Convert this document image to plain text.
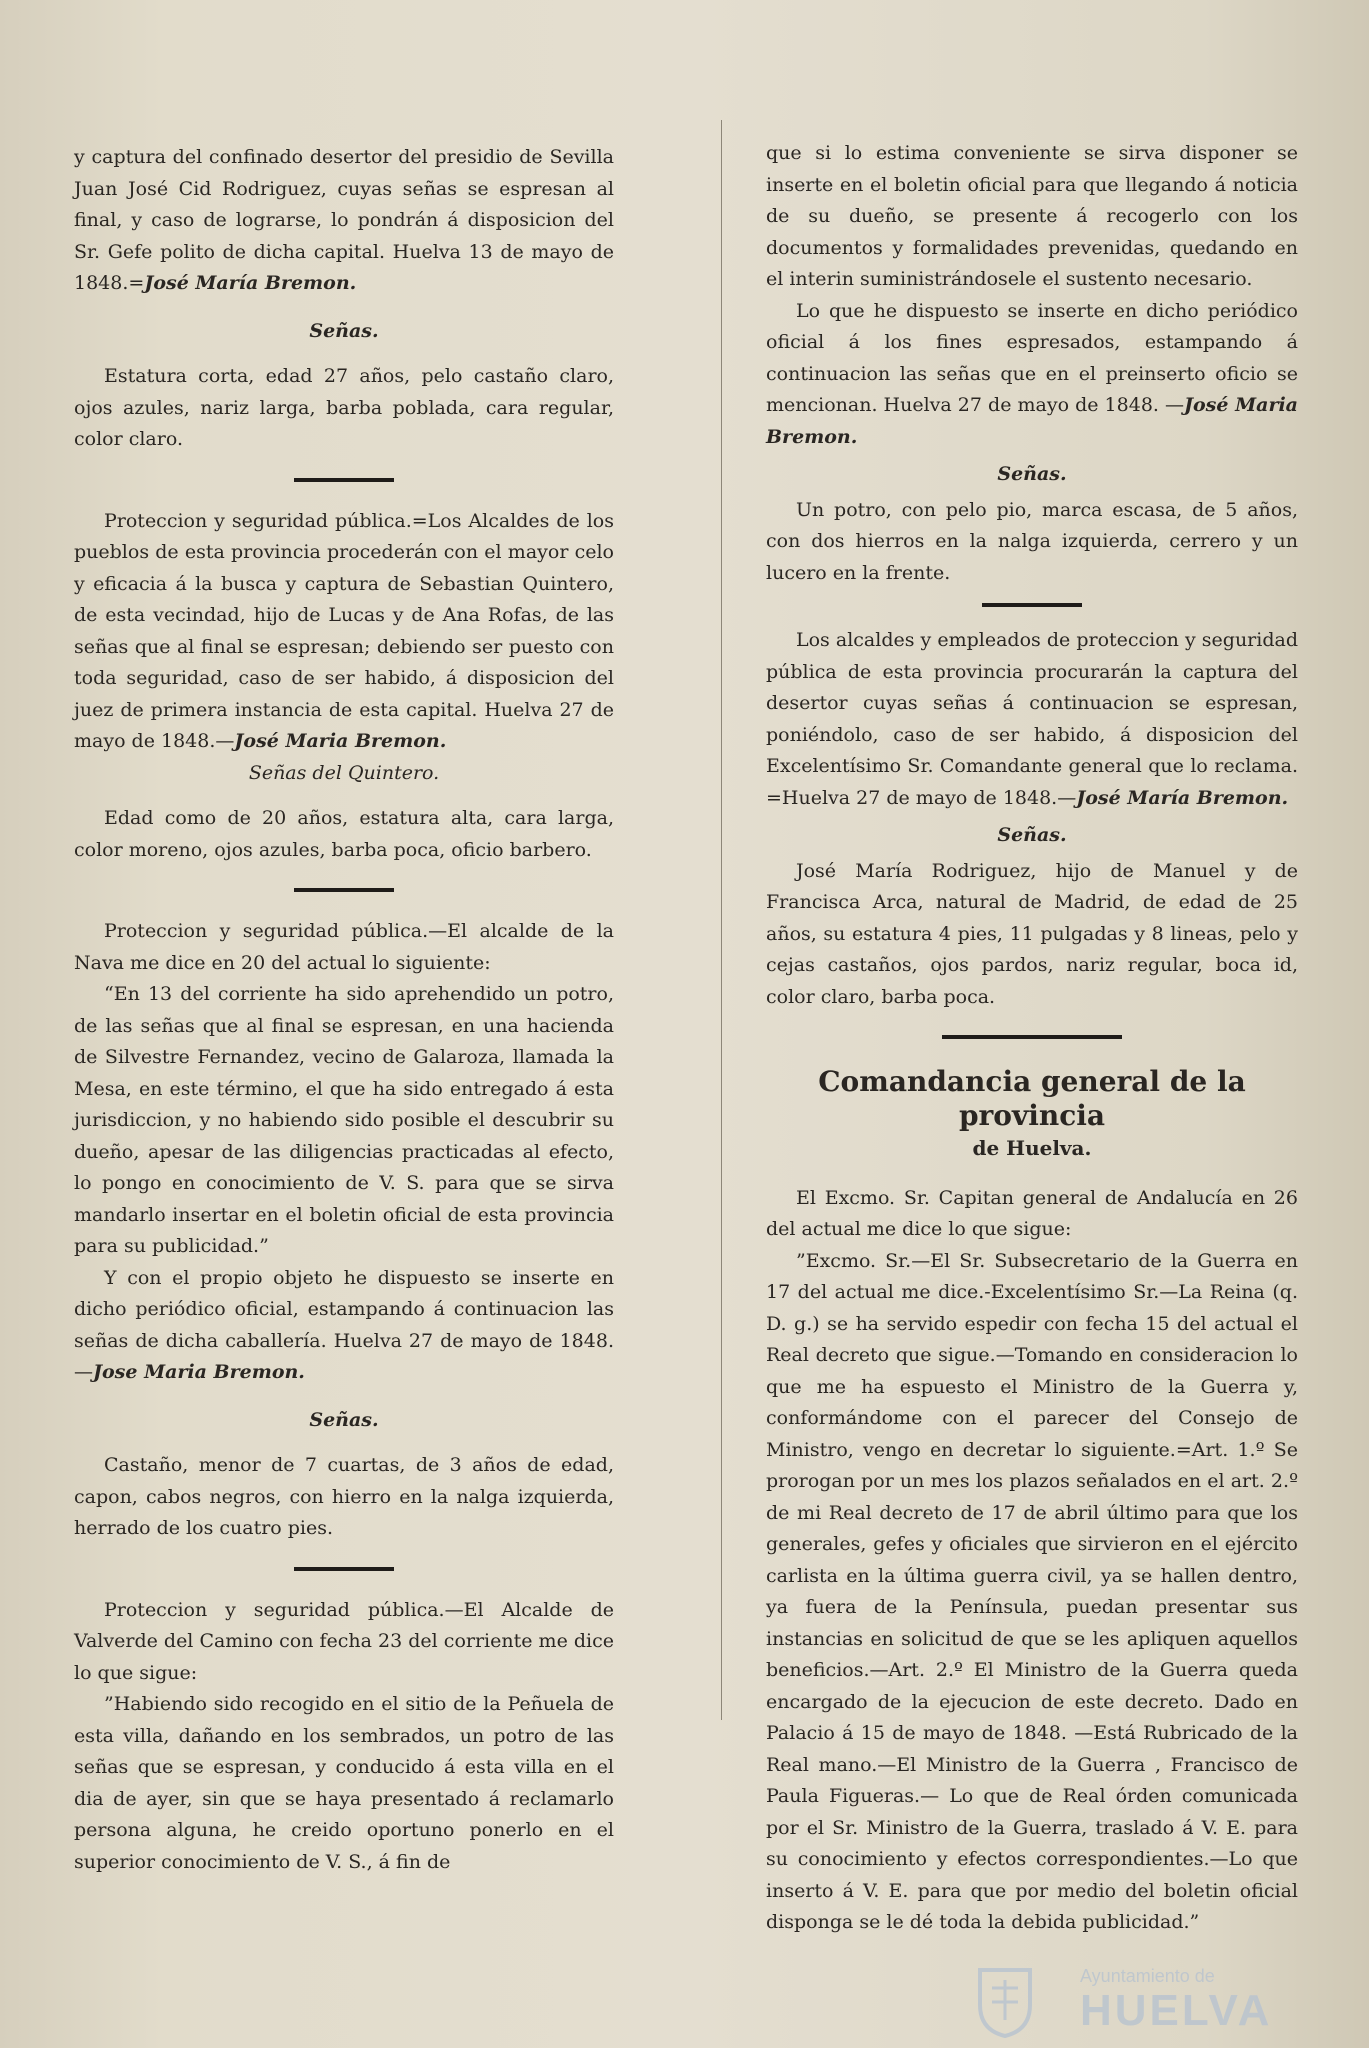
y captura del confinado desertor del presidio de Sevilla Juan José Cid Rodriguez, cuyas señas se espresan al final, y caso de lograrse, lo pondrán á disposicion del Sr. Gefe polito de dicha capital. Huelva 13 de mayo de 1848.=José María Bremon.

Señas.

Estatura corta, edad 27 años, pelo castaño claro, ojos azules, nariz larga, barba poblada, cara regular, color claro.

Proteccion y seguridad pública.=Los Alcaldes de los pueblos de esta provincia procederán con el mayor celo y eficacia á la busca y captura de Sebastian Quintero, de esta vecindad, hijo de Lucas y de Ana Rofas, de las señas que al final se espresan; debiendo ser puesto con toda seguridad, caso de ser habido, á disposicion del juez de primera instancia de esta capital. Huelva 27 de mayo de 1848.—José Maria Bremon.

Señas del Quintero.

Edad como de 20 años, estatura alta, cara larga, color moreno, ojos azules, barba poca, oficio barbero.

Proteccion y seguridad pública.—El alcalde de la Nava me dice en 20 del actual lo siguiente:

“En 13 del corriente ha sido aprehendido un potro, de las señas que al final se espresan, en una hacienda de Silvestre Fernandez, vecino de Galaroza, llamada la Mesa, en este término, el que ha sido entregado á esta jurisdiccion, y no habiendo sido posible el descubrir su dueño, apesar de las diligencias practicadas al efecto, lo pongo en conocimiento de V. S. para que se sirva mandarlo insertar en el boletin oficial de esta provincia para su publicidad.”

Y con el propio objeto he dispuesto se inserte en dicho periódico oficial, estampando á continuacion las señas de dicha caballería. Huelva 27 de mayo de 1848.—Jose Maria Bremon.

Señas.

Castaño, menor de 7 cuartas, de 3 años de edad, capon, cabos negros, con hierro en la nalga izquierda, herrado de los cuatro pies.

Proteccion y seguridad pública.—El Alcalde de Valverde del Camino con fecha 23 del corriente me dice lo que sigue:

”Habiendo sido recogido en el sitio de la Peñuela de esta villa, dañando en los sembrados, un potro de las señas que se espresan, y conducido á esta villa en el dia de ayer, sin que se haya presentado á reclamarlo persona alguna, he creido oportuno ponerlo en el superior conocimiento de V. S., á fin de

que si lo estima conveniente se sirva disponer se inserte en el boletin oficial para que llegando á noticia de su dueño, se presente á recogerlo con los documentos y formalidades prevenidas, quedando en el interin suministrándosele el sustento necesario.

Lo que he dispuesto se inserte en dicho periódico oficial á los fines espresados, estampando á continuacion las señas que en el preinserto oficio se mencionan. Huelva 27 de mayo de 1848. —José Maria Bremon.

Señas.

Un potro, con pelo pio, marca escasa, de 5 años, con dos hierros en la nalga izquierda, cerrero y un lucero en la frente.

Los alcaldes y empleados de proteccion y seguridad pública de esta provincia procurarán la captura del desertor cuyas señas á continuacion se espresan, poniéndolo, caso de ser habido, á disposicion del Excelentísimo Sr. Comandante general que lo reclama. =Huelva 27 de mayo de 1848.—José María Bremon.

Señas.

José María Rodriguez, hijo de Manuel y de Francisca Arca, natural de Madrid, de edad de 25 años, su estatura 4 pies, 11 pulgadas y 8 lineas, pelo y cejas castaños, ojos pardos, nariz regular, boca id, color claro, barba poca.

Comandancia general de la provincia

de Huelva.

El Excmo. Sr. Capitan general de Andalucía en 26 del actual me dice lo que sigue:

”Excmo. Sr.—El Sr. Subsecretario de la Guerra en 17 del actual me dice.-Excelentísimo Sr.—La Reina (q. D. g.) se ha servido espedir con fecha 15 del actual el Real decreto que sigue.—Tomando en consideracion lo que me ha espuesto el Ministro de la Guerra y, conformándome con el parecer del Consejo de Ministro, vengo en decretar lo siguiente.=Art. 1.º Se prorogan por un mes los plazos señalados en el art. 2.º de mi Real decreto de 17 de abril último para que los generales, gefes y oficiales que sirvieron en el ejército carlista en la última guerra civil, ya se hallen dentro, ya fuera de la Península, puedan presentar sus instancias en solicitud de que se les apliquen aquellos beneficios.—Art. 2.º El Ministro de la Guerra queda encargado de la ejecucion de este decreto. Dado en Palacio á 15 de mayo de 1848. —Está Rubricado de la Real mano.—El Ministro de la Guerra , Francisco de Paula Figueras.— Lo que de Real órden comunicada por el Sr. Ministro de la Guerra, traslado á V. E. para su conocimiento y efectos correspondientes.—Lo que inserto á V. E. para que por medio del boletin oficial disponga se le dé toda la debida publicidad.”

Ayuntamiento de
HUELVA
